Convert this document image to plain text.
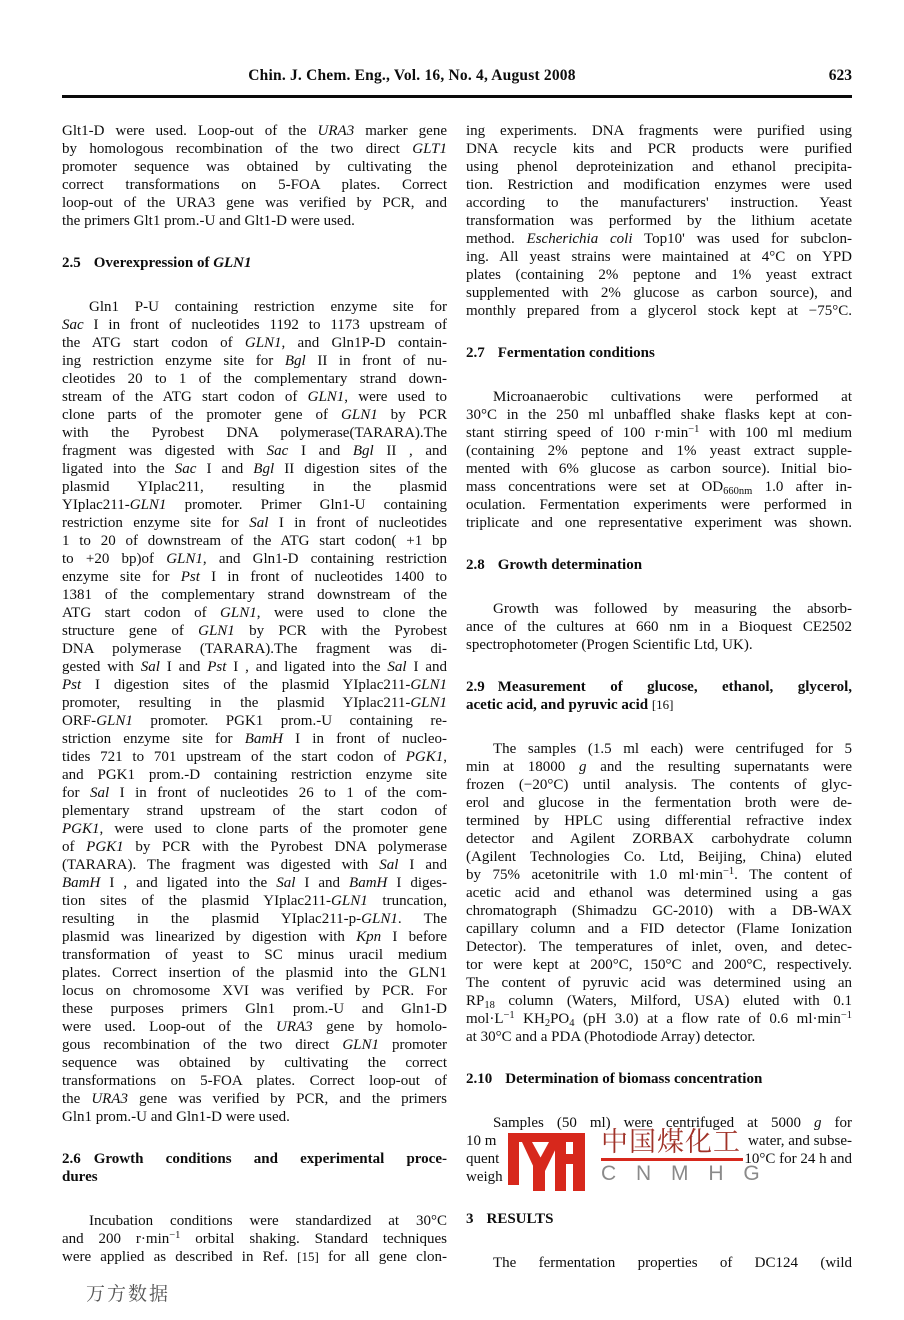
Chin. J. Chem. Eng., Vol. 16, No. 4, August 2008	623
Glt1-D were used. Loop-out of the URA3 marker gene
by homologous recombination of the two direct GLT1
promoter sequence was obtained by cultivating the
correct transformations on 5-FOA plates. Correct
loop-out of the URA3 gene was verified by PCR, and
the primers Glt1 prom.-U and Glt1-D were used.
2.5 Overexpression of GLN1
Gln1 P-U containing restriction enzyme site for
Sac I in front of nucleotides 1192 to 1173 upstream of
the ATG start codon of GLN1, and Gln1P-D contain-
ing restriction enzyme site for Bgl II in front of nu-
cleotides 20 to 1 of the complementary strand down-
stream of the ATG start codon of GLN1, were used to
clone parts of the promoter gene of GLN1 by PCR
with the Pyrobest DNA polymerase(TARARA).The
fragment was digested with Sac I and Bgl II , and
ligated into the Sac I and Bgl II digestion sites of the
plasmid YIplac211, resulting in the plasmid
YIplac211-GLN1 promoter. Primer Gln1-U containing
restriction enzyme site for Sal I in front of nucleotides
1 to 20 of downstream of the ATG start codon( +1 bp
to +20 bp)of GLN1, and Gln1-D containing restriction
enzyme site for Pst I in front of nucleotides 1400 to
1381 of the complementary strand downstream of the
ATG start codon of GLN1, were used to clone the
structure gene of GLN1 by PCR with the Pyrobest
DNA polymerase (TARARA).The fragment was di-
gested with Sal I and Pst I , and ligated into the Sal I and
Pst I digestion sites of the plasmid YIplac211-GLN1
promoter, resulting in the plasmid YIplac211-GLN1
ORF-GLN1 promoter. PGK1 prom.-U containing re-
striction enzyme site for BamH I in front of nucleo-
tides 721 to 701 upstream of the start codon of PGK1,
and PGK1 prom.-D containing restriction enzyme site
for Sal I in front of nucleotides 26 to 1 of the com-
plementary strand upstream of the start codon of
PGK1, were used to clone parts of the promoter gene
of PGK1 by PCR with the Pyrobest DNA polymerase
(TARARA). The fragment was digested with Sal I and
BamH I , and ligated into the Sal I and BamH I diges-
tion sites of the plasmid YIplac211-GLN1 truncation,
resulting in the plasmid YIplac211-p-GLN1. The
plasmid was linearized by digestion with Kpn I before
transformation of yeast to SC minus uracil medium
plates. Correct insertion of the plasmid into the GLN1
locus on chromosome XVI was verified by PCR. For
these purposes primers Gln1 prom.-U and Gln1-D
were used. Loop-out of the URA3 gene by homolo-
gous recombination of the two direct GLN1 promoter
sequence was obtained by cultivating the correct
transformations on 5-FOA plates. Correct loop-out of
the URA3 gene was verified by PCR, and the primers
Gln1 prom.-U and Gln1-D were used.
2.6 Growth conditions and experimental proce-
dures
Incubation conditions were standardized at 30°C
and 200 $r\cdot\min^{-1}$ orbital shaking. Standard techniques
were applied as described in Ref. [15] for all gene clon-
ing experiments. DNA fragments were purified using
DNA recycle kits and PCR products were purified
using phenol deproteinization and ethanol precipita-
tion. Restriction and modification enzymes were used
according to the manufacturers' instruction. Yeast
transformation was performed by the lithium acetate
method. Escherichia coli Top10' was used for subclon-
ing. All yeast strains were maintained at 4°C on YPD
plates (containing 2% peptone and 1% yeast extract
supplemented with 2% glucose as carbon source), and
monthly prepared from a glycerol stock kept at −75°C.
2.7 Fermentation conditions
Microanaerobic cultivations were performed at
30°C in the 250 ml unbaffled shake flasks kept at con-
stant stirring speed of 100 $r\cdot\min^{-1}$ with 100 ml medium
(containing 2% peptone and 1% yeast extract supple-
mented with 6% glucose as carbon source). Initial bio-
mass concentrations were set at $OD_{660nm}$ 1.0 after in-
oculation. Fermentation experiments were performed in
triplicate and one representative experiment was shown.
2.8 Growth determination
Growth was followed by measuring the absorb-
ance of the cultures at 660 nm in a Bioquest CE2502
spectrophotometer (Progen Scientific Ltd, UK).
2.9 Measurement of glucose, ethanol, glycerol,
acetic acid, and pyruvic acid [16]
The samples (1.5 ml each) were centrifuged for 5
min at 18000 g and the resulting supernatants were
frozen (−20°C) until analysis. The contents of glyc-
erol and glucose in the fermentation broth were de-
termined by HPLC using differential refractive index
detector and Agilent ZORBAX carbohydrate column
(Agilent Technologies Co. Ltd, Beijing, China) eluted
by 75% acetonitrile with 1.0 $ml\cdot\min^{-1}$. The content of
acetic acid and ethanol was determined using a gas
chromatograph (Shimadzu GC-2010) with a DB-WAX
capillary column and a FID detector (Flame Ionization
Detector). The temperatures of inlet, oven, and detec-
tor were kept at 200°C, 150°C and 200°C, respectively.
The content of pyruvic acid was determined using an
$RP_{18}$ column (Waters, Milford, USA) eluted with 0.1
$mol\cdot L^{-1}$ $KH_2PO_4$ (pH 3.0) at a flow rate of 0.6 $ml\cdot\min^{-1}$
at 30°C and a PDA (Photodiode Array) detector.
2.10 Determination of biomass concentration
Samples (50 ml) were centrifuged at 5000 g for
10 m	water, and subse-
quent	10°C for 24 h and
weigh
3 RESULTS
The fermentation properties of DC124 (wild
中国煤化工
C N M H G
万方数据
